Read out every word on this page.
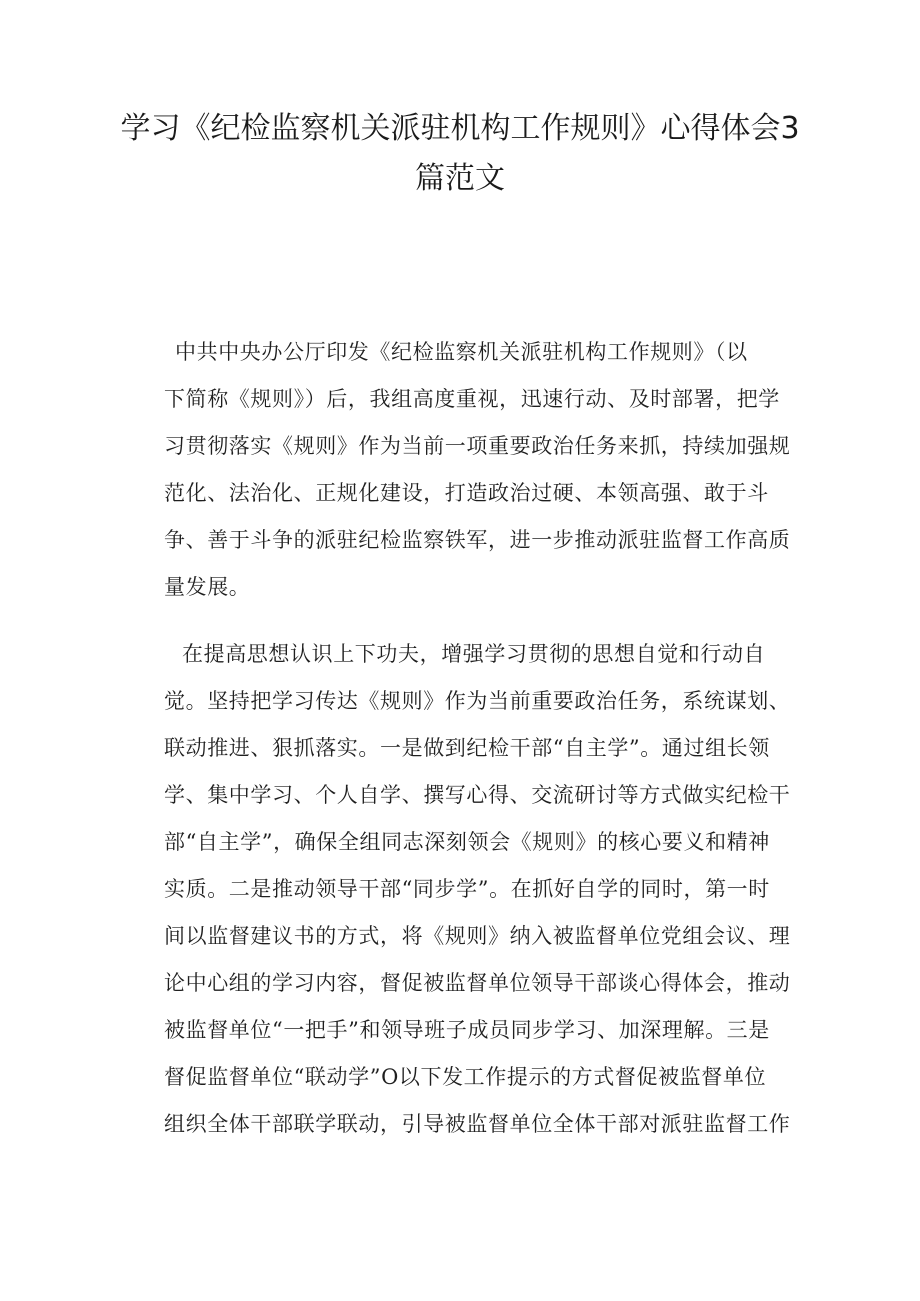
学习《纪检监察机关派驻机构工作规则》心得体会3
篇范文
中共中央办公厅印发《纪检监察机关派驻机构工作规则》（以
下简称《规则》）后，我组高度重视，迅速行动、及时部署，把学
习贯彻落实《规则》作为当前一项重要政治任务来抓，持续加强规
范化、法治化、正规化建设，打造政治过硬、本领高强、敢于斗
争、善于斗争的派驻纪检监察铁军，进一步推动派驻监督工作高质
量发展。
在提高思想认识上下功夫，增强学习贯彻的思想自觉和行动自
觉。坚持把学习传达《规则》作为当前重要政治任务，系统谋划、
联动推进、狠抓落实。一是做到纪检干部“自主学”。通过组长领
学、集中学习、个人自学、撰写心得、交流研讨等方式做实纪检干
部“自主学”，确保全组同志深刻领会《规则》的核心要义和精神
实质。二是推动领导干部“同步学”。在抓好自学的同时，第一时
间以监督建议书的方式，将《规则》纳入被监督单位党组会议、理
论中心组的学习内容，督促被监督单位领导干部谈心得体会，推动
被监督单位“一把手”和领导班子成员同步学习、加深理解。三是
督促监督单位“联动学”O以下发工作提示的方式督促被监督单位
组织全体干部联学联动，引导被监督单位全体干部对派驻监督工作
